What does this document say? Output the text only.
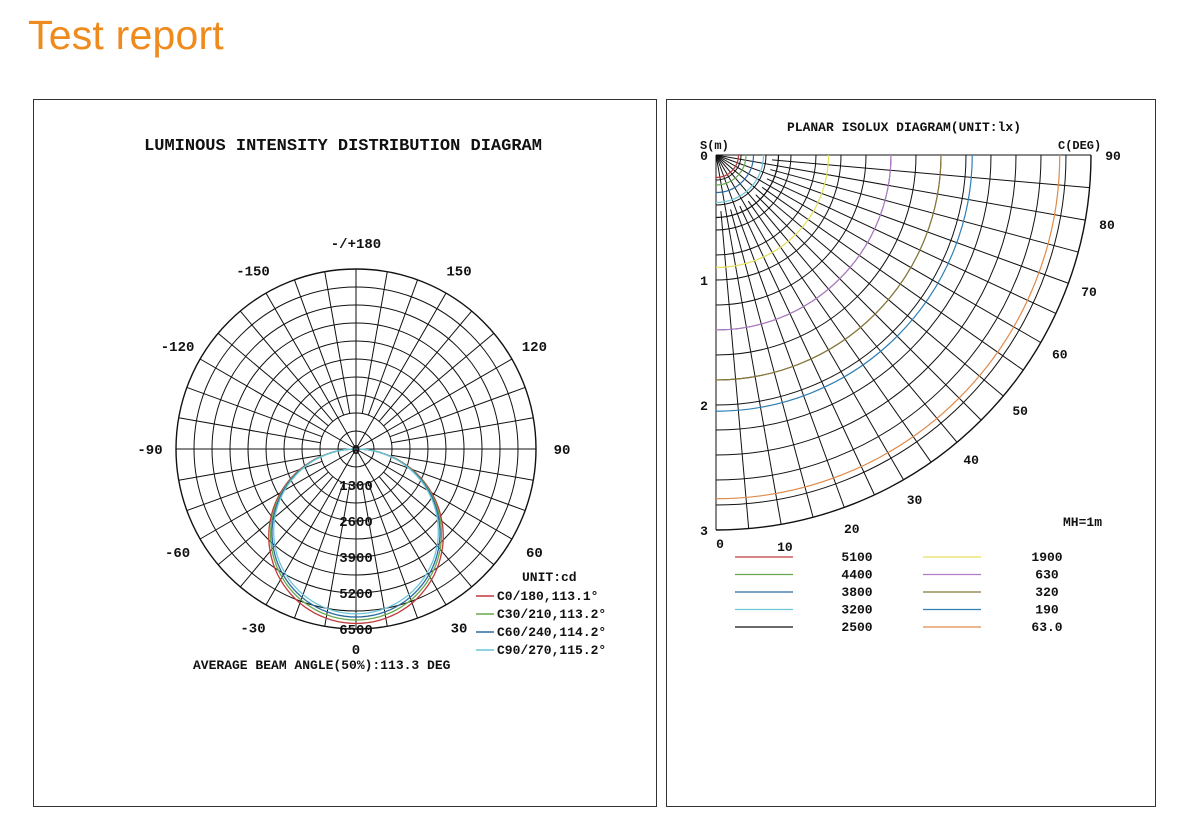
Test report
LUMINOUS INTENSITY DISTRIBUTION DIAGRAM
-/+180
150
-150
120
-120
90
-90
60
-60
30
-30
0
0
1300
2600
3900
5200
6500
UNIT:cd
C0/180,113.1°
C30/210,113.2°
C60/240,114.2°
C90/270,115.2°
AVERAGE BEAM ANGLE(50%):113.3 DEG
PLANAR ISOLUX DIAGRAM(UNIT:lx)
S(m)	C(DEG)
0
1
2
3
0	10
20
30
40
50
60
70
80
90
MH=1m
5100
4400
3800
3200
2500
1900
630
320
190
63.0
